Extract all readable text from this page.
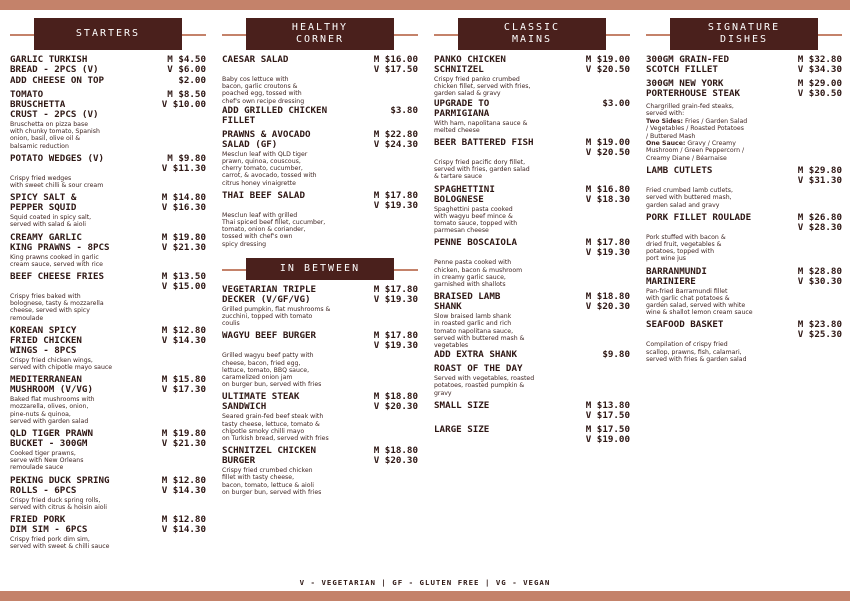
STARTERS
GARLIC TURKISH
BREAD - 2PCS (V)
M $4.50
V $6.00
ADD CHEESE ON TOP	$2.00
TOMATO
BRUSCHETTA
CRUST - 2PCS (V)
M $8.50
V $10.00
Bruschetta on pizza base
with chunky tomato, Spanish
onion, basil, olive oil &
balsamic reduction
POTATO WEDGES (V)	M $9.80
V $11.30
Crispy fried wedges
with sweet chilli & sour cream
SPICY SALT &
PEPPER SQUID
M $14.80
V $16.30
Squid coated in spicy salt,
served with salad & aioli
CREAMY GARLIC
KING PRAWNS - 8PCS
M $19.80
V $21.30
King prawns cooked in garlic
cream sauce, served with rice
BEEF CHEESE FRIES	M $13.50
V $15.00
Crispy fries baked with
bolognese, tasty & mozzarella
cheese, served with spicy
remoulade
KOREAN SPICY
FRIED CHICKEN
WINGS - 8PCS
M $12.80
V $14.30
Crispy fried chicken wings,
served with chipotle mayo sauce
MEDITERRANEAN
MUSHROOM (V/VG)
M $15.80
V $17.30
Baked flat mushrooms with
mozzarella, olives, onion,
pine-nuts & quinoa,
served with garden salad
QLD TIGER PRAWN
BUCKET - 300GM
M $19.80
V $21.30
Cooked tiger prawns,
serve with New Orleans
remoulade sauce
PEKING DUCK SPRING
ROLLS - 6PCS
M $12.80
V $14.30
Crispy fried duck spring rolls,
served with citrus & hoisin aioli
FRIED PORK
DIM SIM - 6PCS
M $12.80
V $14.30
Crispy fried pork dim sim,
served with sweet & chilli sauce
HEALTHY
CORNER
CAESAR SALAD	M $16.00
V $17.50
Baby cos lettuce with
bacon, garlic croutons &
poached egg, tossed with
chef's own recipe dressing
ADD GRILLED CHICKEN
FILLET
$3.80
PRAWNS & AVOCADO
SALAD (GF)
M $22.80
V $24.30
Mesclun leaf with QLD tiger
prawn, quinoa, couscous,
cherry tomato, cucumber,
carrot, & avocado, tossed with
citrus honey vinaigrette
THAI BEEF SALAD	M $17.80
V $19.30
Mesclun leaf with grilled
Thai spiced beef fillet, cucumber,
tomato, onion & coriander,
tossed with chef's own
spicy dressing
IN BETWEEN
VEGETARIAN TRIPLE
DECKER (V/GF/VG)
M $17.80
V $19.30
Grilled pumpkin, flat mushrooms &
zucchini, topped with tomato
coulis
WAGYU BEEF BURGER	M $17.80
V $19.30
Grilled wagyu beef patty with
cheese, bacon, fried egg,
lettuce, tomato, BBQ sauce,
caramelized onion jam
on burger bun, served with fries
ULTIMATE STEAK
SANDWICH
M $18.80
V $20.30
Seared grain-fed beef steak with
tasty cheese, lettuce, tomato &
chipotle smoky chilli mayo
on Turkish bread, served with fries
SCHNITZEL CHICKEN
BURGER
M $18.80
V $20.30
Crispy fried crumbed chicken
fillet with tasty cheese,
bacon, tomato, lettuce & aioli
on burger bun, served with fries
CLASSIC
MAINS
PANKO CHICKEN
SCHNITZEL
M $19.00
V $20.50
Crispy fried panko crumbed
chicken fillet, served with fries,
garden salad & gravy
UPGRADE TO
PARMIGIANA
$3.00
With ham, napolitana sauce &
melted cheese
BEER BATTERED FISH	M $19.00
V $20.50
Crispy fried pacific dory fillet,
served with fries, garden salad
& tartare sauce
SPAGHETTINI
BOLOGNESE
M $16.80
V $18.30
Spaghettini pasta cooked
with wagyu beef mince &
tomato sauce, topped with
parmesan cheese
PENNE BOSCAIOLA	M $17.80
V $19.30
Penne pasta cooked with
chicken, bacon & mushroom
in creamy garlic sauce,
garnished with shallots
BRAISED LAMB
SHANK
M $18.80
V $20.30
Slow braised lamb shank
in roasted garlic and rich
tomato napolitana sauce,
served with buttered mash &
vegetables
ADD EXTRA SHANK	$9.80
ROAST OF THE DAY
Served with vegetables, roasted
potatoes, roasted pumpkin &
gravy
SMALL SIZE	M $13.80
V $17.50
LARGE SIZE	M $17.50
V $19.00
SIGNATURE
DISHES
300GM GRAIN-FED
SCOTCH FILLET
M $32.80
V $34.30
300GM NEW YORK
PORTERHOUSE STEAK
M $29.00
V $30.50
Chargrilled grain-fed steaks,
served with:
Two Sides: Fries / Garden Salad
/ Vegetables / Roasted Potatoes
/ Buttered Mash
One Sauce: Gravy / Creamy
Mushroom / Green Peppercorn /
Creamy Diane / Béarnaise
LAMB CUTLETS	M $29.80
V $31.30
Fried crumbed lamb cutlets,
served with buttered mash,
garden salad and gravy
PORK FILLET ROULADE	M $26.80
V $28.30
Pork stuffed with bacon &
dried fruit, vegetables &
potatoes, topped with
port wine jus
BARRANMUNDI
MARINIERE
M $28.80
V $30.30
Pan-fried Barramundi fillet
with garlic chat potatoes &
garden salad, served with white
wine & shallot lemon cream sauce
SEAFOOD BASKET	M $23.80
V $25.30
Compilation of crispy fried
scallop, prawns, fish, calamari,
served with fries & garden salad
V - VEGETARIAN | GF - GLUTEN FREE | VG - VEGAN
